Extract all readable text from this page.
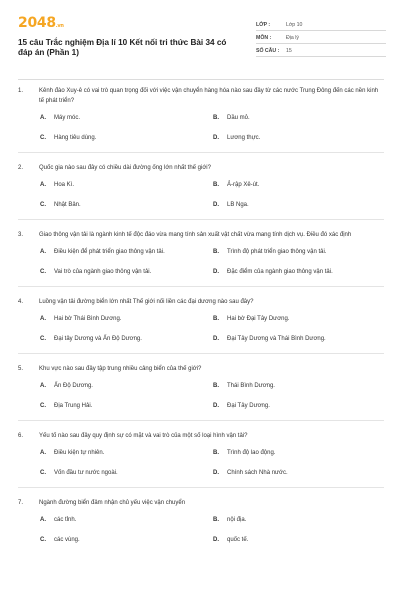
2048.vn
15 câu Trắc nghiệm Địa lí 10 Kết nối tri thức Bài 34 có đáp án (Phần 1)
LỚP :	Lớp 10
MÔN :	Địa lý
SỐ CÂU :	15
1.	Kênh đào Xuy-ê có vai trò quan trọng đối với việc vận chuyển hàng hóa nào sau đây từ các nước Trung Đông đến các nền kinh tế phát triển?
A.	Máy móc.	B.	Dầu mỏ.
C.	Hàng tiêu dùng.	D.	Lương thực.
2.	Quốc gia nào sau đây có chiều dài đường ống lớn nhất thế giới?
A.	Hoa Kì.	B.	Ả-rập Xê-út.
C.	Nhật Bản.	D.	LB Nga.
3.	Giao thông vận tải là ngành kinh tế độc đáo vừa mang tính sản xuất vật chất vừa mang tính dịch vụ. Điều đó xác định
A.	Điều kiện để phát triển giao thông vận tải.	B.	Trình độ phát triển giao thông vận tải.
C.	Vai trò của ngành giao thông vận tải.	D.	Đặc điểm của ngành giao thông vận tải.
4.	Luồng vận tải đường biển lớn nhất Thế giới nối liền các đại dương nào sau đây?
A.	Hai bờ Thái Bình Dương.	B.	Hai bờ Đại Tây Dương.
C.	Đại tây Dương và Ấn Độ Dương.	D.	Đại Tây Dương và Thái Bình Dương.
5.	Khu vực nào sau đây tập trung nhiều cảng biển của thế giới?
A.	Ấn Độ Dương.	B.	Thái Bình Dương.
C.	Địa Trung Hải.	D.	Đại Tây Dương.
6.	Yếu tố nào sau đây quy định sự có mặt và vai trò của một số loại hình vận tải?
A.	Điều kiện tự nhiên.	B.	Trình độ lao động.
C.	Vốn đầu tư nước ngoài.	D.	Chính sách Nhà nước.
7.	Ngành đường biển đảm nhận chủ yếu việc vận chuyển
A.	các tỉnh.	B.	nội địa.
C.	các vùng.	D.	quốc tế.
